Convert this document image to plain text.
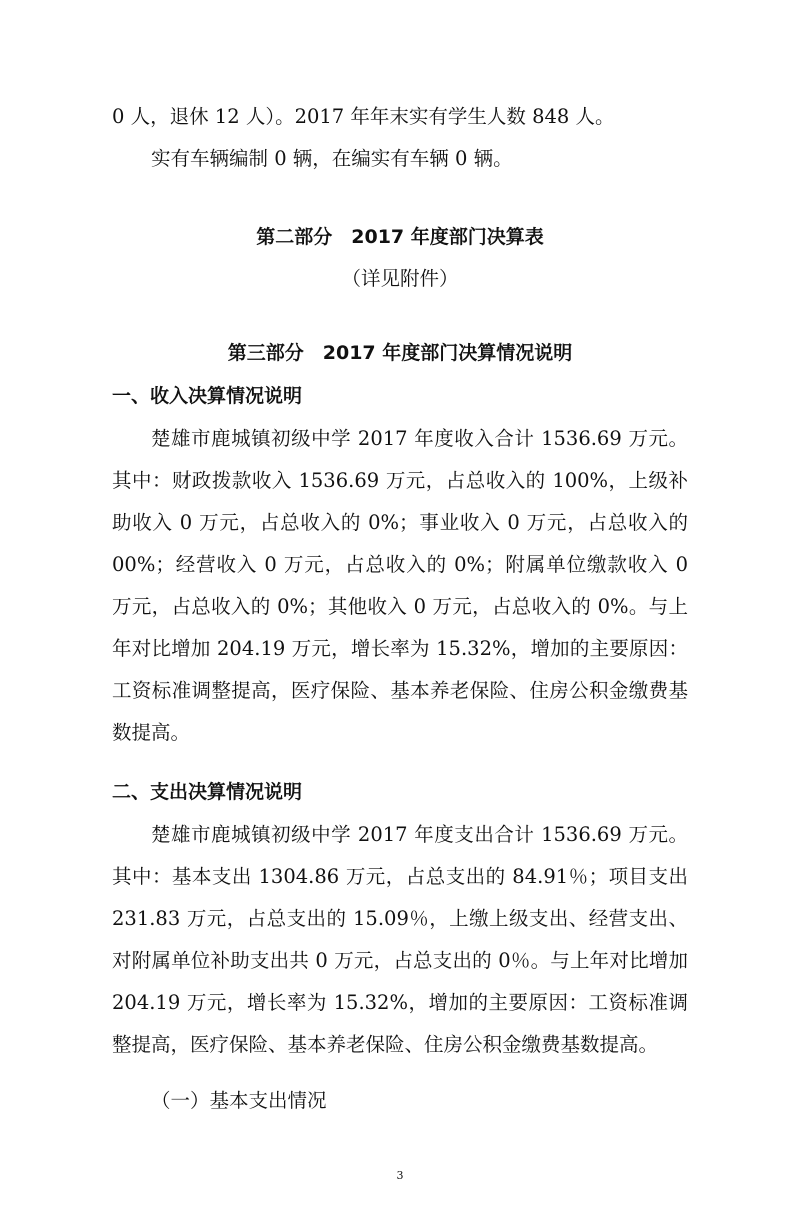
0 人，退休 12 人）。2017 年年末实有学生人数 848 人。

实有车辆编制 0 辆，在编实有车辆 0 辆。

第二部分　2017 年度部门决算表

（详见附件）

第三部分　2017 年度部门决算情况说明

一、收入决算情况说明

楚雄市鹿城镇初级中学 2017 年度收入合计 1536.69 万元。其中：财政拨款收入 1536.69 万元，占总收入的 100%，上级补助收入 0 万元，占总收入的 0%；事业收入 0 万元，占总收入的 00%；经营收入 0 万元，占总收入的 0%；附属单位缴款收入 0 万元，占总收入的 0%；其他收入 0 万元，占总收入的 0%。与上年对比增加 204.19 万元，增长率为 15.32%，增加的主要原因：工资标准调整提高，医疗保险、基本养老保险、住房公积金缴费基数提高。

二、支出决算情况说明

楚雄市鹿城镇初级中学 2017 年度支出合计 1536.69 万元。其中：基本支出 1304.86 万元，占总支出的 84.91％；项目支出 231.83 万元，占总支出的 15.09％，上缴上级支出、经营支出、对附属单位补助支出共 0 万元，占总支出的 0％。与上年对比增加 204.19 万元，增长率为 15.32%，增加的主要原因：工资标准调整提高，医疗保险、基本养老保险、住房公积金缴费基数提高。

（一）基本支出情况

3
